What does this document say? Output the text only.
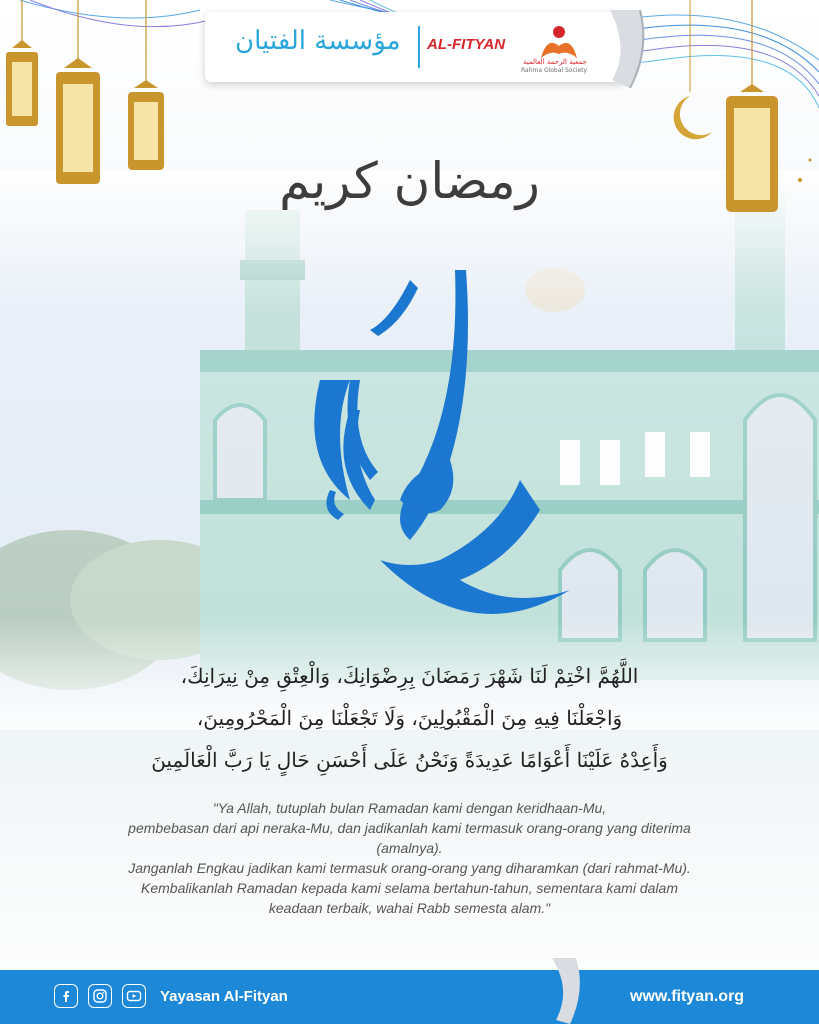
مؤسسة الفتيان AL-FITYAN
جمعية الرحمة العالمية
Rahma Global Society
رمضان كريم
اللَّهُمَّ اخْتِمْ لَنَا شَهْرَ رَمَضَانَ بِرِضْوَانِكَ، وَالْعِتْقِ مِنْ نِيرَانِكَ،
وَاجْعَلْنَا فِيهِ مِنَ الْمَقْبُولِينَ، وَلَا تَجْعَلْنَا مِنَ الْمَحْرُومِينَ،
وَأَعِدْهُ عَلَيْنَا أَعْوَامًا عَدِيدَةً وَنَحْنُ عَلَى أَحْسَنِ حَالٍ يَا رَبَّ الْعَالَمِينَ
"Ya Allah, tutuplah bulan Ramadan kami dengan keridhaan-Mu,
pembebasan dari api neraka-Mu, dan jadikanlah kami termasuk orang-orang yang diterima
(amalnya).
Janganlah Engkau jadikan kami termasuk orang-orang yang diharamkan (dari rahmat-Mu).
Kembalikanlah Ramadan kepada kami selama bertahun-tahun, sementara kami dalam
keadaan terbaik, wahai Rabb semesta alam."
Yayasan Al-Fityan	www.fityan.org
